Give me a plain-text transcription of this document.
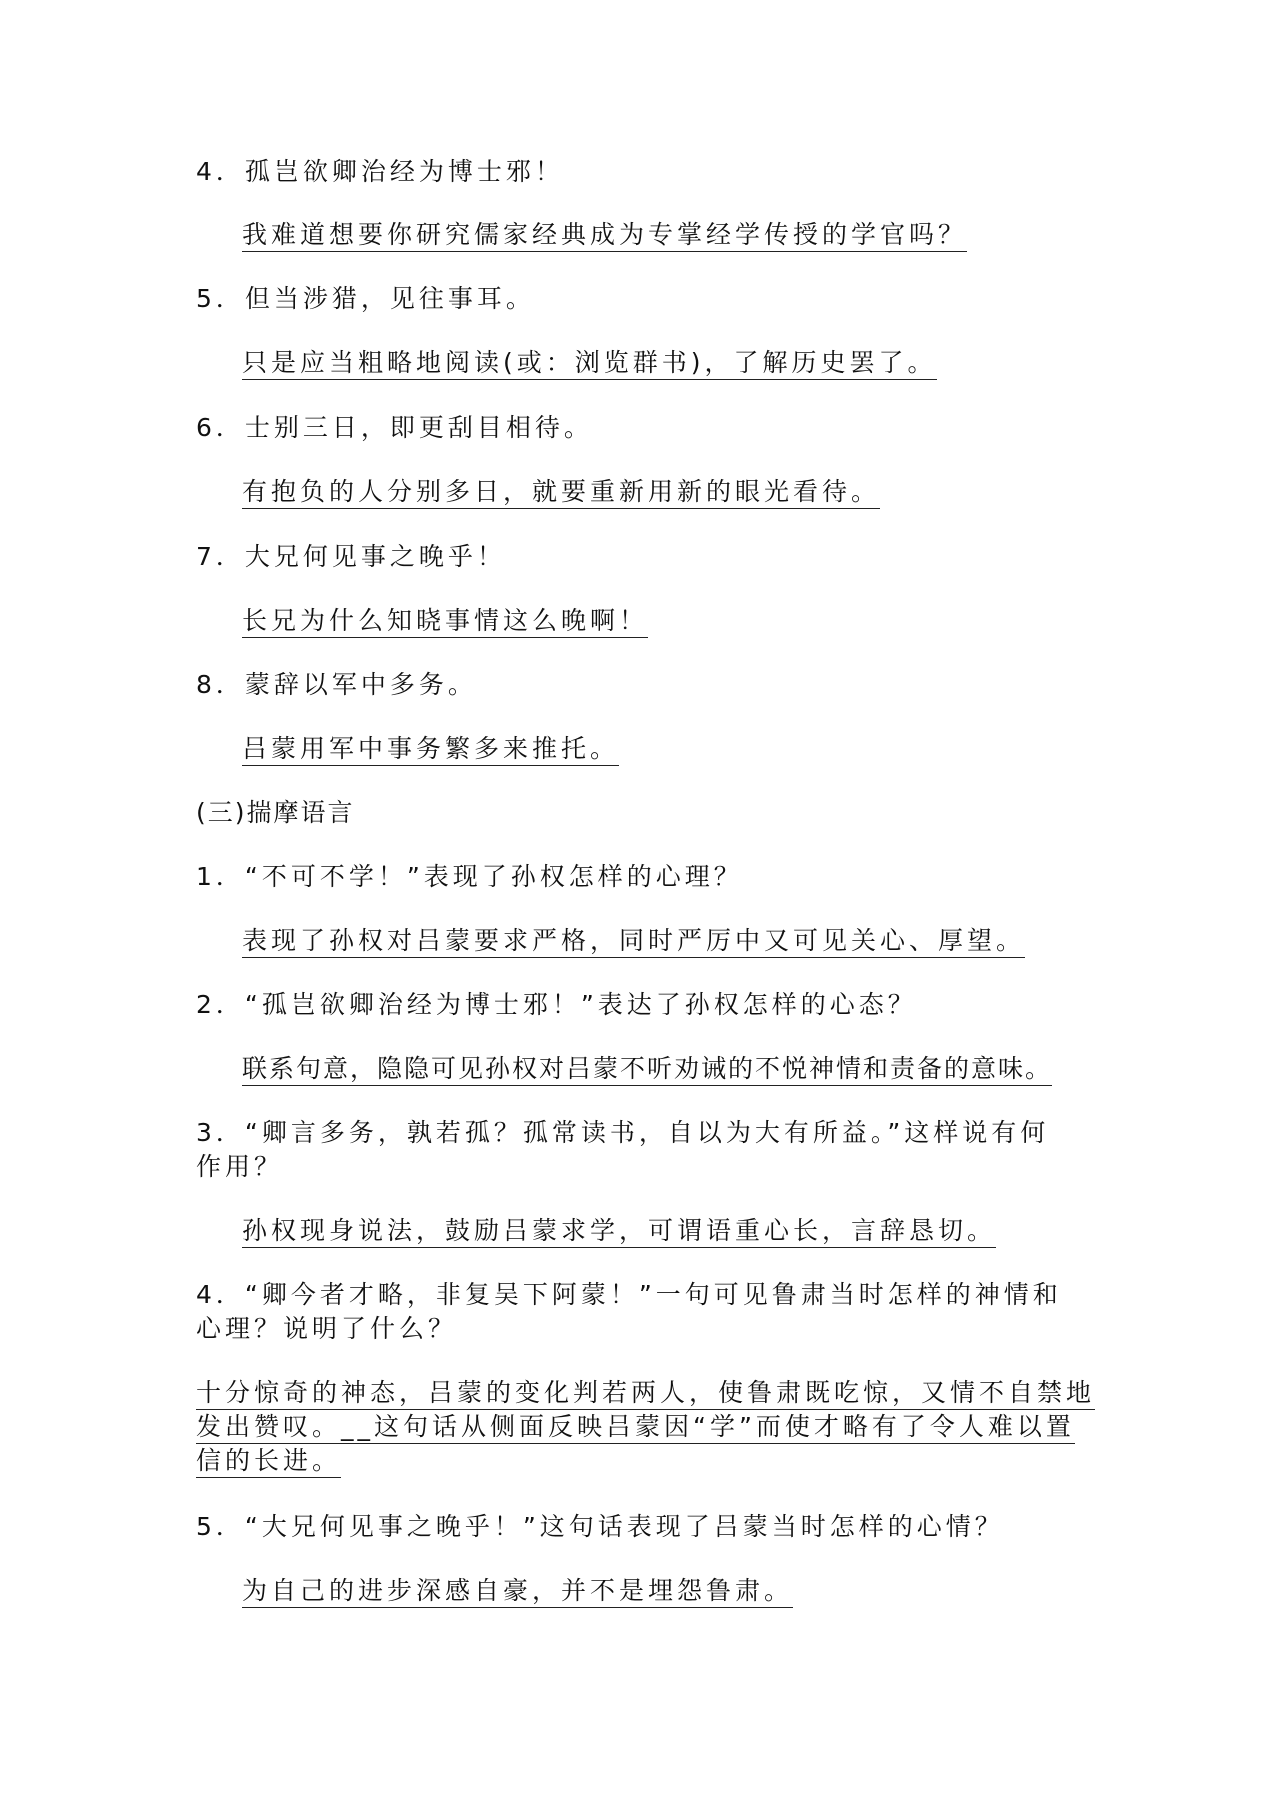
4．孤岂欲卿治经为博士邪！
我难道想要你研究儒家经典成为专掌经学传授的学官吗？
5．但当涉猎，见往事耳。
只是应当粗略地阅读(或：浏览群书)，了解历史罢了。
6．士别三日，即更刮目相待。
有抱负的人分别多日，就要重新用新的眼光看待。
7．大兄何见事之晚乎！
长兄为什么知晓事情这么晚啊！
8．蒙辞以军中多务。
吕蒙用军中事务繁多来推托。
(三)揣摩语言
1．“不可不学！”表现了孙权怎样的心理？
表现了孙权对吕蒙要求严格，同时严厉中又可见关心、厚望。
2．“孤岂欲卿治经为博士邪！”表达了孙权怎样的心态？
联系句意，隐隐可见孙权对吕蒙不听劝诫的不悦神情和责备的意味。
3．“卿言多务，孰若孤？孤常读书，自以为大有所益。”这样说有何
作用？
孙权现身说法，鼓励吕蒙求学，可谓语重心长，言辞恳切。
4．“卿今者才略，非复吴下阿蒙！”一句可见鲁肃当时怎样的神情和
心理？说明了什么？
十分惊奇的神态，吕蒙的变化判若两人，使鲁肃既吃惊，又情不自禁地
发出赞叹。__这句话从侧面反映吕蒙因“学”而使才略有了令人难以置
信的长进。
5．“大兄何见事之晚乎！”这句话表现了吕蒙当时怎样的心情？
为自己的进步深感自豪，并不是埋怨鲁肃。
